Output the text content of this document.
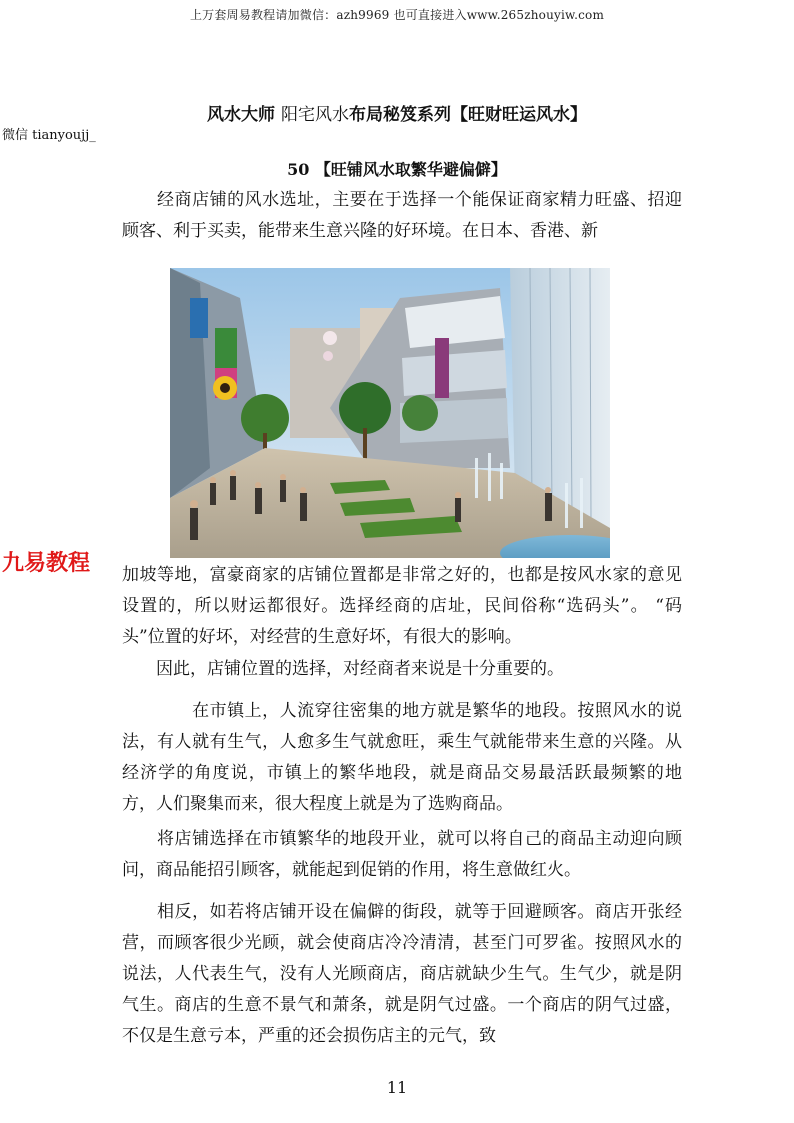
上万套周易教程请加微信：azh9969 也可直接进入www.265zhouyiw.com
风水大师 阳宅风水布局秘笈系列【旺财旺运风水】
微信 tianyoujj_
50 【旺铺风水取繁华避偏僻】
　　经商店铺的风水选址，主要在于选择一个能保证商家精力旺盛、招迎顾客、利于买卖，能带来生意兴隆的好环境。在日本、香港、新
九易教程 加坡等地，富豪商家的店铺位置都是非常之好的，也都是按风水家的意见设置的，所以财运都很好。选择经商的店址，民间俗称“选码头”。 “码头”位置的好坏，对经营的生意好坏，有很大的影响。
　　因此，店铺位置的选择，对经商者来说是十分重要的。
　　　　在市镇上，人流穿往密集的地方就是繁华的地段。按照风水的说法，有人就有生气，人愈多生气就愈旺，乘生气就能带来生意的兴隆。从经济学的角度说，市镇上的繁华地段，就是商品交易最活跃最频繁的地方，人们聚集而来，很大程度上就是为了选购商品。
　　将店铺选择在市镇繁华的地段开业，就可以将自己的商品主动迎向顾问，商品能招引顾客，就能起到促销的作用，将生意做红火。
　　相反，如若将店铺开设在偏僻的街段，就等于回避顾客。商店开张经营，而顾客很少光顾，就会使商店冷冷清清，甚至门可罗雀。按照风水的说法，人代表生气，没有人光顾商店，商店就缺少生气。生气少，就是阴气生。商店的生意不景气和萧条，就是阴气过盛。一个商店的阴气过盛，不仅是生意亏本，严重的还会损伤店主的元气，致
11
